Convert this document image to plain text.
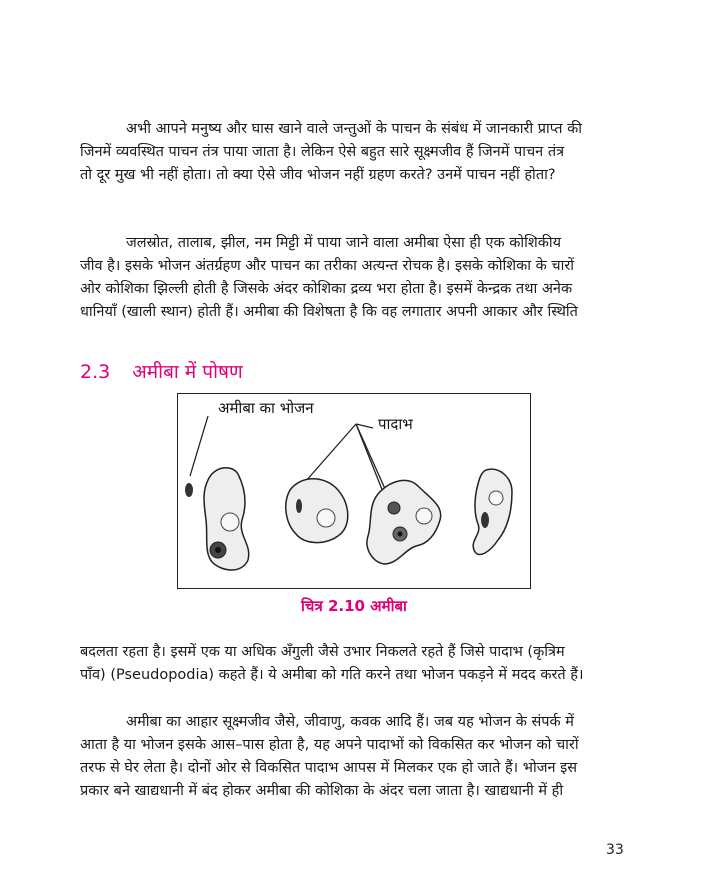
अभी आपने मनुष्य और घास खाने वाले जन्तुओं के पाचन के संबंध में जानकारी प्राप्त की
जिनमें व्यवस्थित पाचन तंत्र पाया जाता है। लेकिन ऐसे बहुत सारे सूक्ष्मजीव हैं जिनमें पाचन तंत्र
तो दूर मुख भी नहीं होता। तो क्या ऐसे जीव भोजन नहीं ग्रहण करते? उनमें पाचन नहीं होता?
जलस्रोत, तालाब, झील, नम मिट्टी में पाया जाने वाला अमीबा ऐसा ही एक कोशिकीय
जीव है। इसके भोजन अंतर्ग्रहण और पाचन का तरीका अत्यन्त रोचक है। इसके कोशिका के चारों
ओर कोशिका झिल्ली होती है जिसके अंदर कोशिका द्रव्य भरा होता है। इसमें केन्द्रक तथा अनेक
धानियाँ (खाली स्थान) होती हैं। अमीबा की विशेषता है कि वह लगातार अपनी आकार और स्थिति
2.3 अमीबा में पोषण
अमीबा का भोजन
पादाभ
चित्र 2.10 अमीबा
बदलता रहता है। इसमें एक या अधिक अँगुली जैसे उभार निकलते रहते हैं जिसे पादाभ (कृत्रिम
पाँव) (Pseudopodia) कहते हैं। ये अमीबा को गति करने तथा भोजन पकड़ने में मदद करते हैं।
अमीबा का आहार सूक्ष्मजीव जैसे, जीवाणु, कवक आदि हैं। जब यह भोजन के संपर्क में
आता है या भोजन इसके आस–पास होता है, यह अपने पादाभों को विकसित कर भोजन को चारों
तरफ से घेर लेता है। दोनों ओर से विकसित पादाभ आपस में मिलकर एक हो जाते हैं। भोजन इस
प्रकार बने खाद्यधानी में बंद होकर अमीबा की कोशिका के अंदर चला जाता है। खाद्यधानी में ही
33
